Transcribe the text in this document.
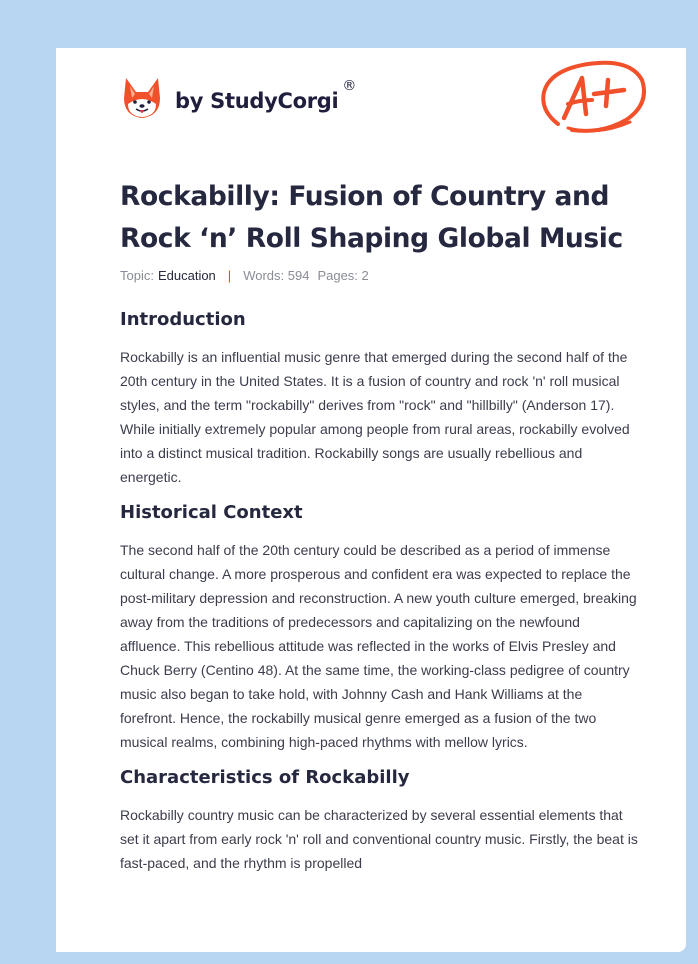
by StudyCorgi
®
Rockabilly: Fusion of Country and Rock ‘n’ Roll Shaping Global Music
Topic: Education | Words: 594 Pages: 2
Introduction

Rockabilly is an influential music genre that emerged during the second half of the 20th century in the United States. It is a fusion of country and rock 'n' roll musical styles, and the term "rockabilly" derives from "rock" and "hillbilly" (Anderson 17). While initially extremely popular among people from rural areas, rockabilly evolved into a distinct musical tradition. Rockabilly songs are usually rebellious and energetic.

Historical Context

The second half of the 20th century could be described as a period of immense cultural change. A more prosperous and confident era was expected to replace the post-military depression and reconstruction. A new youth culture emerged, breaking away from the traditions of predecessors and capitalizing on the newfound affluence. This rebellious attitude was reflected in the works of Elvis Presley and Chuck Berry (Centino 48). At the same time, the working-class pedigree of country music also began to take hold, with Johnny Cash and Hank Williams at the forefront. Hence, the rockabilly musical genre emerged as a fusion of the two musical realms, combining high-paced rhythms with mellow lyrics.

Characteristics of Rockabilly

Rockabilly country music can be characterized by several essential elements that set it apart from early rock 'n' roll and conventional country music. Firstly, the beat is fast-paced, and the rhythm is propelled
